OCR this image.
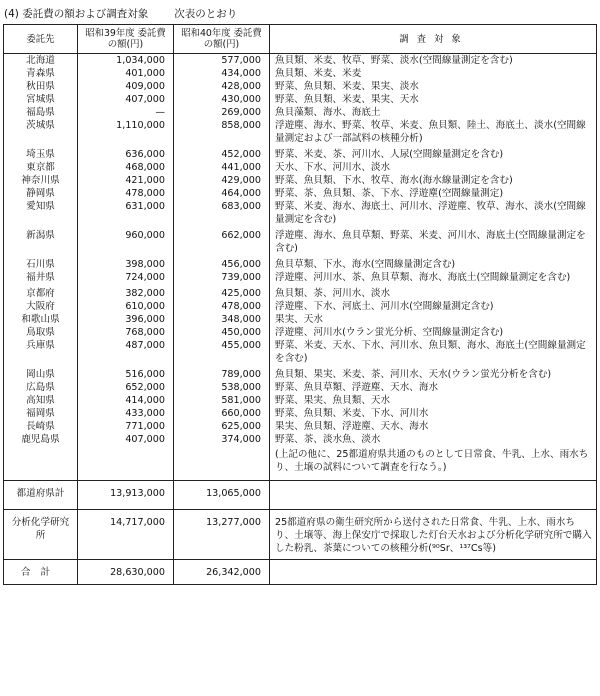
(4) 委託費の額および調査対象 次表のとおり
委託先	昭和39年度 委託費の額(円)	昭和40年度 委託費の額(円)	調査対象
北海道	1,034,000	577,000	魚貝類、米麦、牧草、野菜、淡水(空間線量測定を含む)
青森県	401,000	434,000	魚貝類、米麦、米麦
秋田県	409,000	428,000	野菜、魚貝類、米麦、果実、淡水
宮城県	407,000	430,000	野菜、魚貝類、米麦、果実、天水
福島県	—	269,000	魚貝藻類、海水、海底土
茨城県	1,110,000	858,000	浮遊塵、海水、野菜、牧草、米麦、魚貝類、陸土、海底土、淡水(空間線量測定および一部試料の核種分析)
埼玉県	636,000	452,000	野菜、米麦、茶、河川水、人尿(空間線量測定を含む)
東京都	468,000	441,000	天水、下水、河川水、淡水
神奈川県	421,000	429,000	野菜、魚貝類、下水、牧草、海水(海水線量測定を含む)
静岡県	478,000	464,000	野菜、茶、魚貝類、茶、下水、浮遊塵(空間線量測定)
愛知県	631,000	683,000	野菜、米麦、海水、海底土、河川水、浮遊塵、牧草、海水、淡水(空間線量測定を含む)
新潟県	960,000	662,000	浮遊塵、海水、魚貝草類、野菜、米麦、河川水、海底土(空間線量測定を含む)
石川県	398,000	456,000	魚貝草類、下水、海水(空間線量測定含む)
福井県	724,000	739,000	浮遊塵、河川水、茶、魚貝草類、海水、海底土(空間線量測定を含む)
京都府	382,000	425,000	魚貝類、茶、河川水、淡水
大阪府	610,000	478,000	浮遊塵、下水、河底土、河川水(空間線量測定含む)
和歌山県	396,000	348,000	果実、天水
鳥取県	768,000	450,000	浮遊塵、河川水(ウラン蛍光分析、空間線量測定含む)
兵庫県	487,000	455,000	野菜、米麦、天水、下水、河川水、魚貝類、海水、海底土(空間線量測定を含む)
岡山県	516,000	789,000	魚貝類、果実、米麦、茶、河川水、天水(ウラン蛍光分析を含む)
広島県	652,000	538,000	野菜、魚貝草類、浮遊塵、天水、海水
高知県	414,000	581,000	野菜、果実、魚貝類、天水
福岡県	433,000	660,000	野菜、魚貝類、米麦、下水、河川水
長崎県	771,000	625,000	果実、魚貝類、浮遊塵、天水、海水
鹿児島県	407,000	374,000	野菜、茶、淡水魚、淡水
			(上記の他に、25都道府県共通のものとして日常食、牛乳、上水、雨水ちり、土壌の試料について調査を行なう。)
都道府県計	13,913,000	13,065,000	
分析化学研究所	14,717,000	13,277,000	25都道府県の衛生研究所から送付された日常食、牛乳、上水、雨水ちり、土壌等、海上保安庁で採取した灯台天水および分析化学研究所で購入した粉乳、茶葉についての核種分析(⁹⁰Sr、¹³⁷Cs等)
合計	28,630,000	26,342,000	
